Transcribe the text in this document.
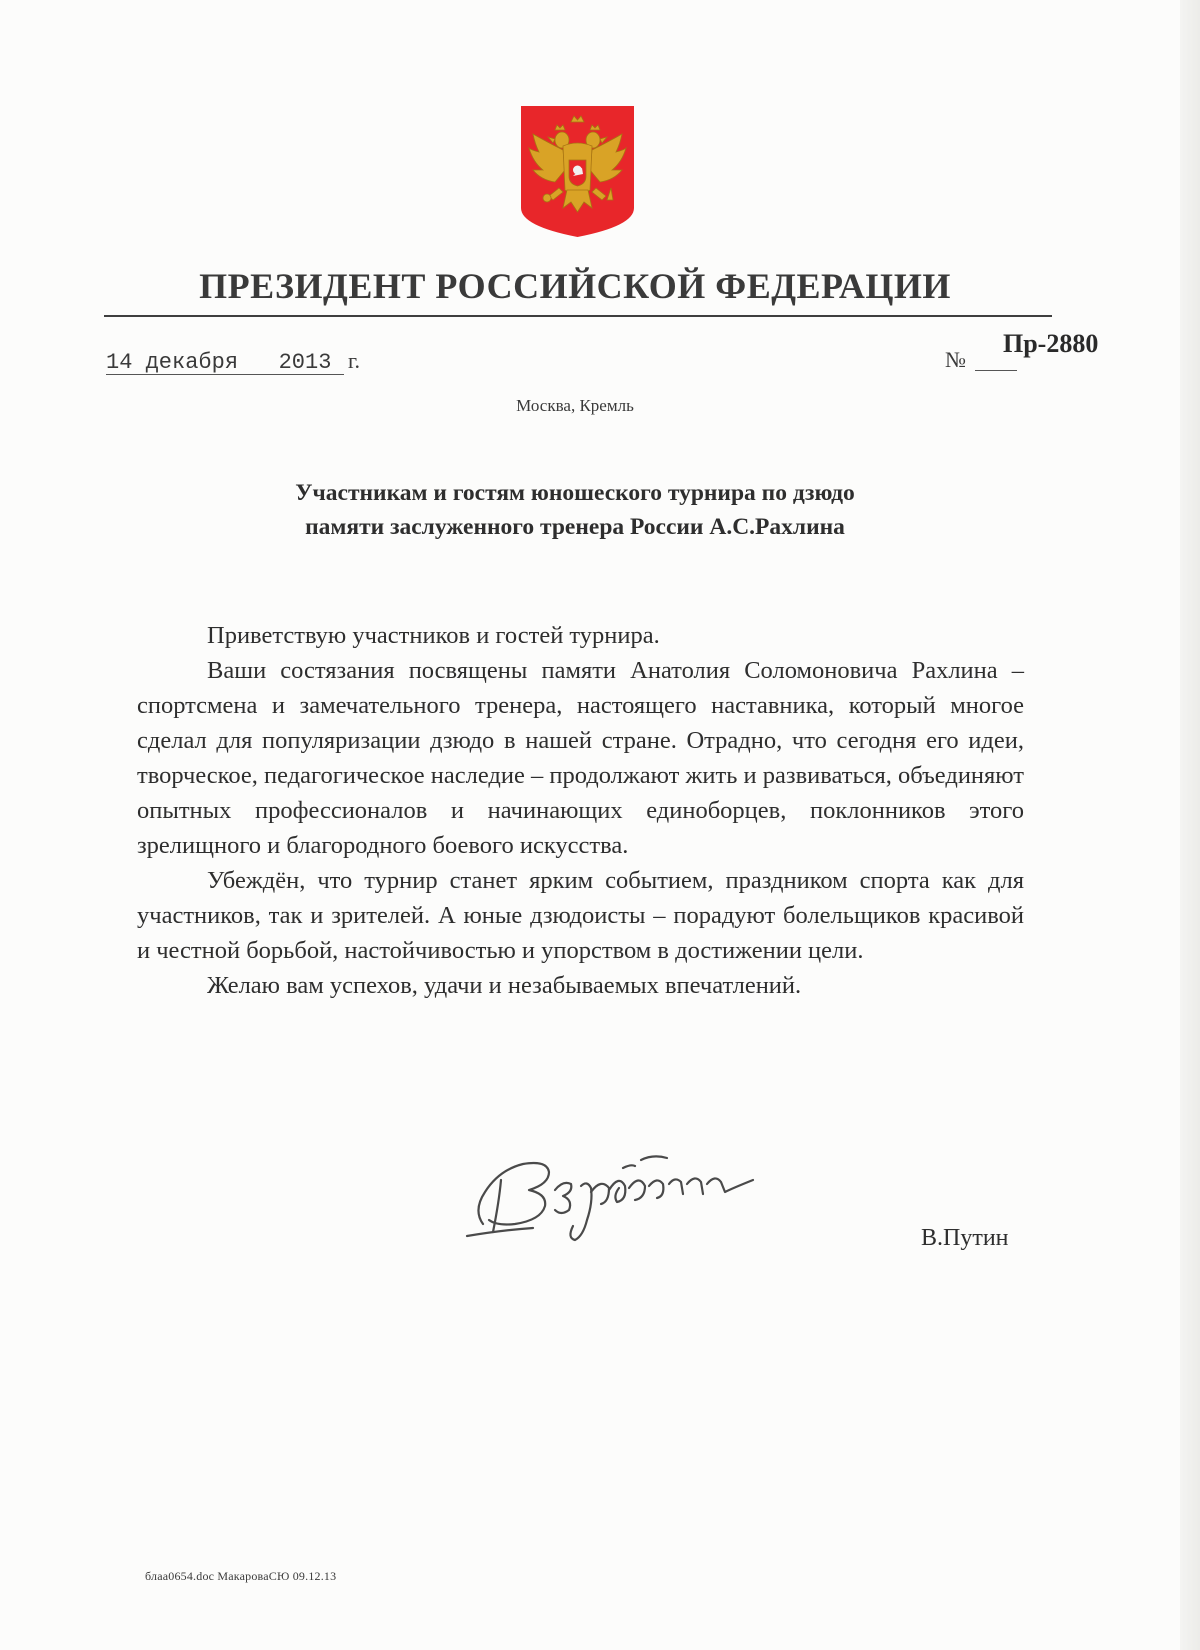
ПРЕЗИДЕНТ РОССИЙСКОЙ ФЕДЕРАЦИИ
14 декабря 2013 г.	№
Пр-2880
Москва, Кремль
Участникам и гостям юношеского турнира по дзюдо
памяти заслуженного тренера России А.С.Рахлина

Приветствую участников и гостей турнира.

Ваши состязания посвящены памяти Анатолия Соломоновича Рахлина – спортсмена и замечательного тренера, настоящего наставника, который многое сделал для популяризации дзюдо в нашей стране. Отрадно, что сегодня его идеи, творческое, педагогическое наследие – продолжают жить и развиваться, объединяют опытных профессионалов и начинающих единоборцев, поклонников этого зрелищного и благородного боевого искусства.

Убеждён, что турнир станет ярким событием, праздником спорта как для участников, так и зрителей. А юные дзюдоисты – порадуют болельщиков красивой и честной борьбой, настойчивостью и упорством в достижении цели.

Желаю вам успехов, удачи и незабываемых впечатлений.

В.Путин
блаа0654.doc МакароваСЮ 09.12.13
